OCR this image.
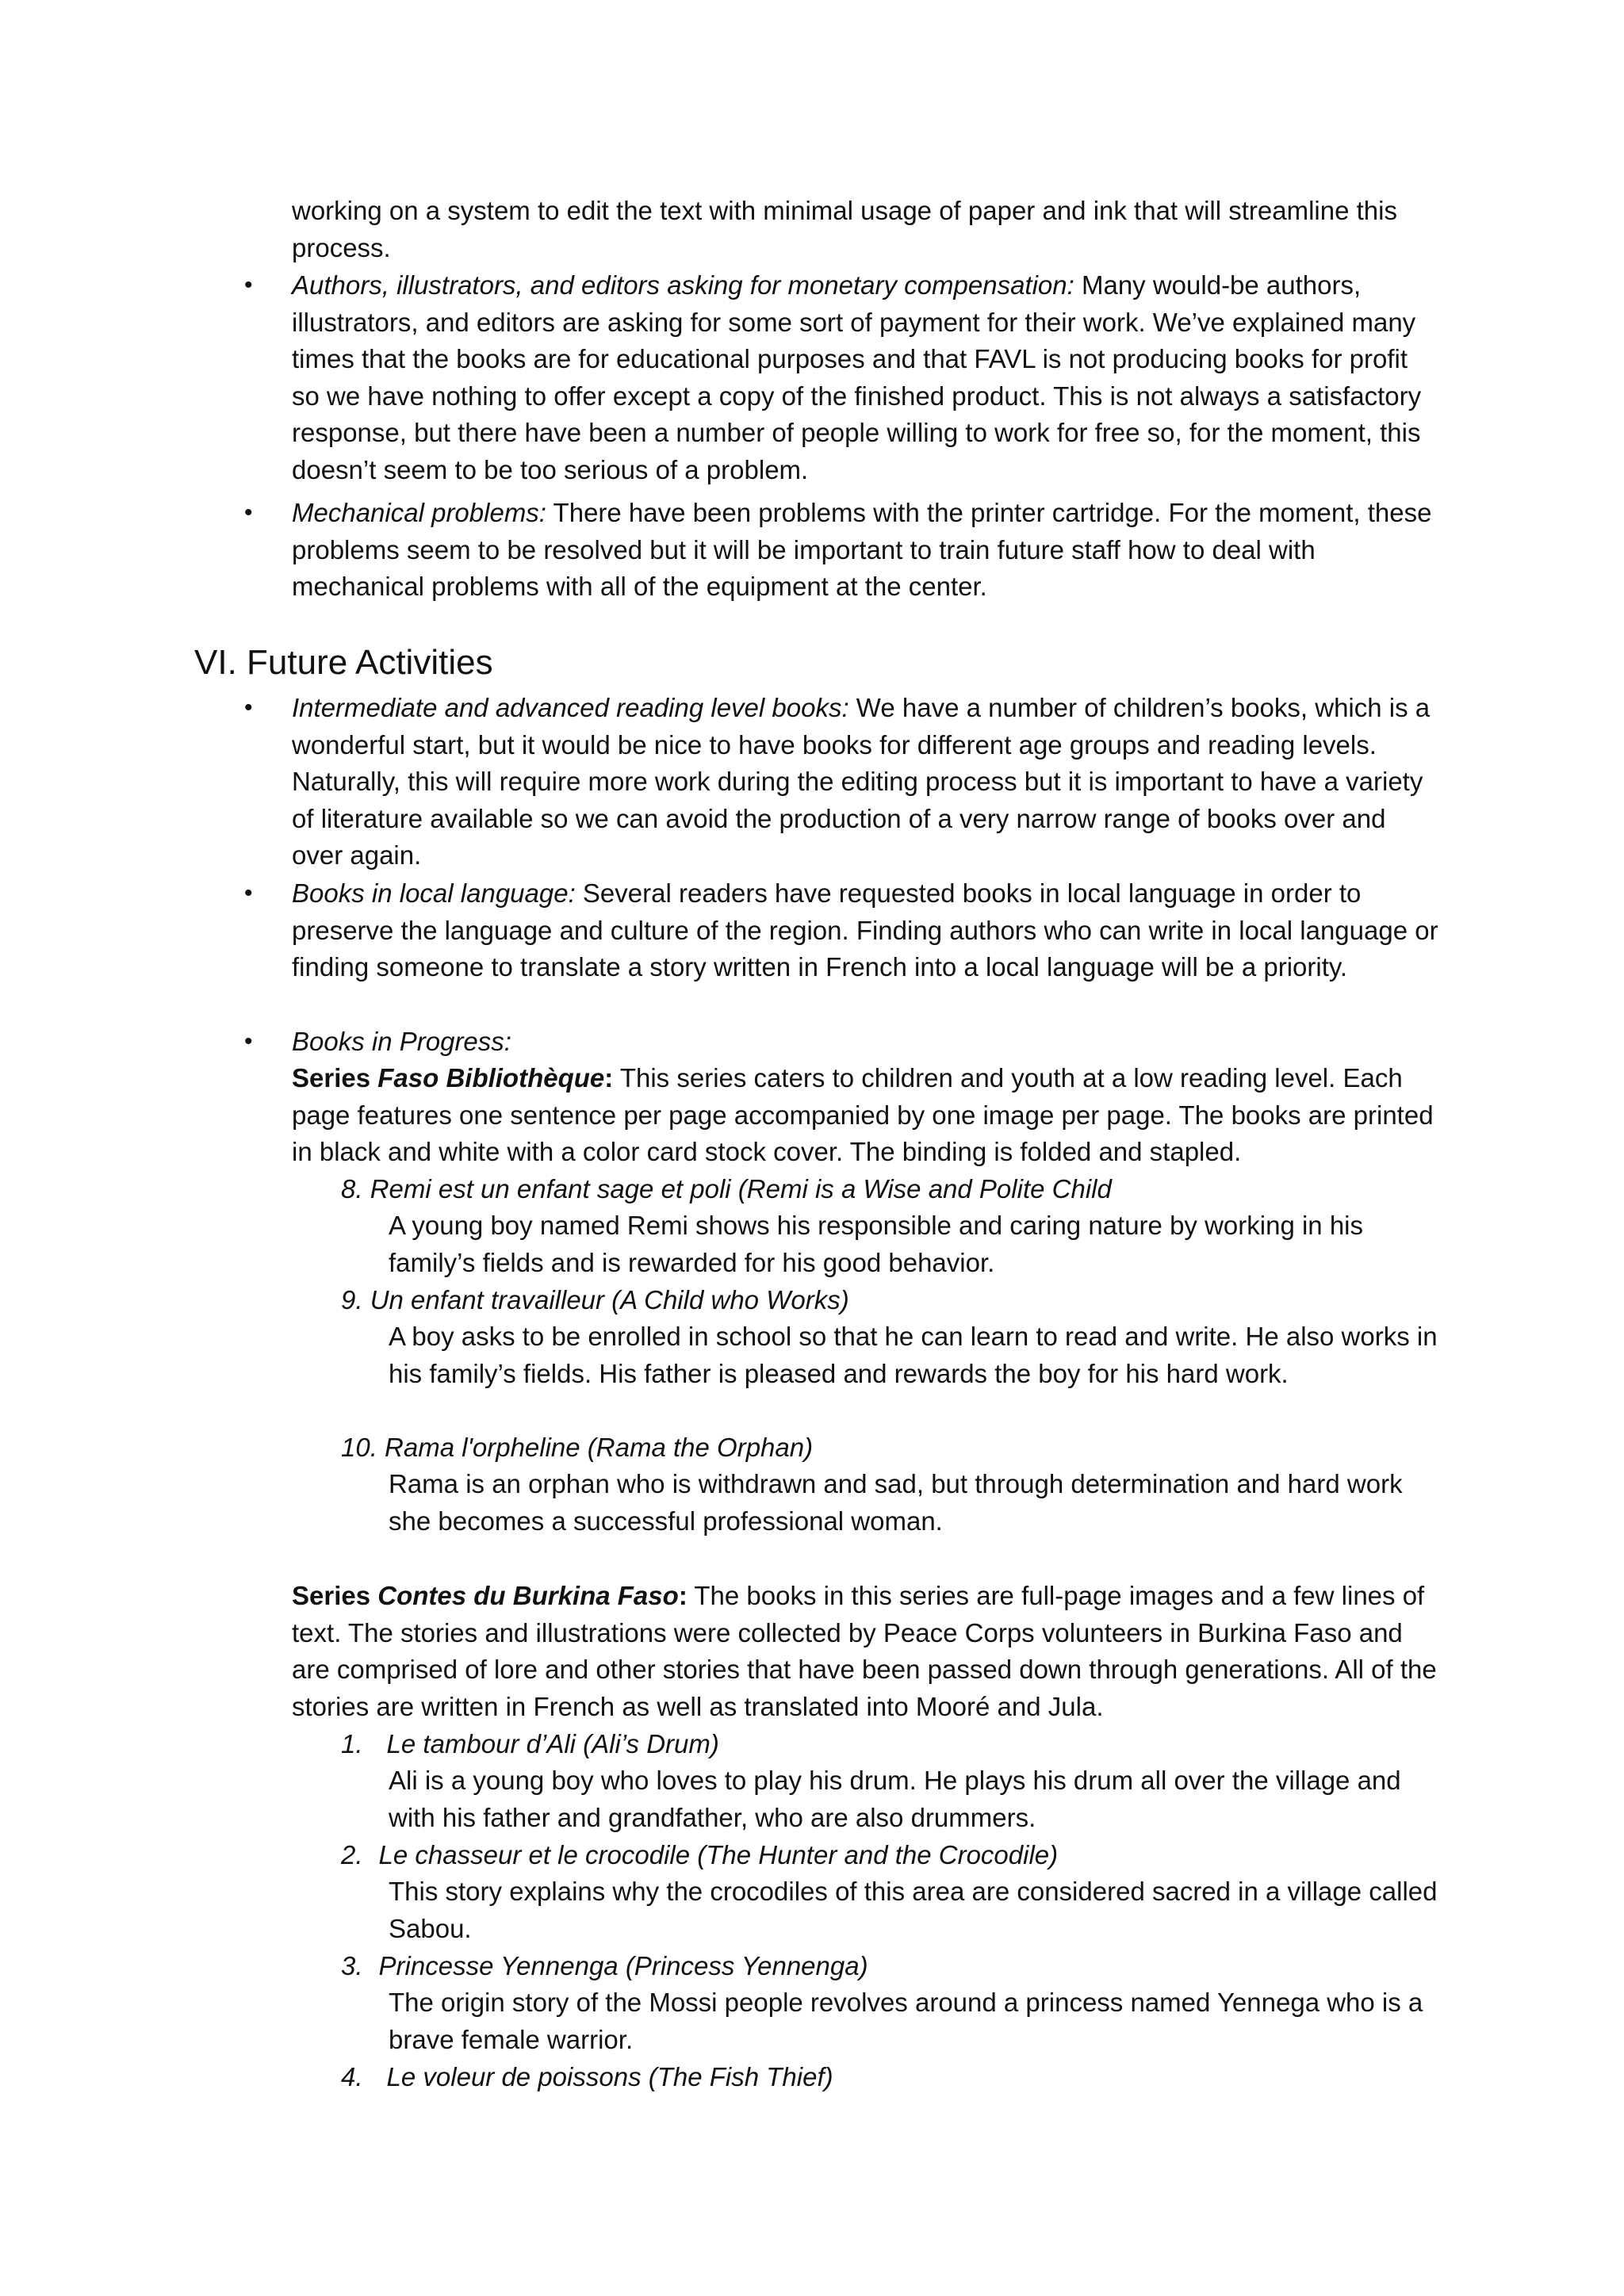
working on a system to edit the text with minimal usage of paper and ink that will streamline this process.
• Authors, illustrators, and editors asking for monetary compensation: Many would-be authors, illustrators, and editors are asking for some sort of payment for their work. We’ve explained many times that the books are for educational purposes and that FAVL is not producing books for profit so we have nothing to offer except a copy of the finished product. This is not always a satisfactory response, but there have been a number of people willing to work for free so, for the moment, this doesn’t seem to be too serious of a problem.
• Mechanical problems: There have been problems with the printer cartridge. For the moment, these problems seem to be resolved but it will be important to train future staff how to deal with mechanical problems with all of the equipment at the center.
VI. Future Activities
• Intermediate and advanced reading level books: We have a number of children’s books, which is a wonderful start, but it would be nice to have books for different age groups and reading levels. Naturally, this will require more work during the editing process but it is important to have a variety of literature available so we can avoid the production of a very narrow range of books over and over again.
• Books in local language: Several readers have requested books in local language in order to preserve the language and culture of the region. Finding authors who can write in local language or finding someone to translate a story written in French into a local language will be a priority.
• Books in Progress:
Series Faso Bibliothèque: This series caters to children and youth at a low reading level. Each page features one sentence per page accompanied by one image per page. The books are printed in black and white with a color card stock cover. The binding is folded and stapled.
8. Remi est un enfant sage et poli (Remi is a Wise and Polite Child
A young boy named Remi shows his responsible and caring nature by working in his family’s fields and is rewarded for his good behavior.
9. Un enfant travailleur (A Child who Works)
A boy asks to be enrolled in school so that he can learn to read and write. He also works in his family’s fields. His father is pleased and rewards the boy for his hard work.
10. Rama l'orpheline (Rama the Orphan)
Rama is an orphan who is withdrawn and sad, but through determination and hard work she becomes a successful professional woman.
Series Contes du Burkina Faso: The books in this series are full-page images and a few lines of text. The stories and illustrations were collected by Peace Corps volunteers in Burkina Faso and are comprised of lore and other stories that have been passed down through generations. All of the stories are written in French as well as translated into Mooré and Jula.
1. Le tambour d’Ali (Ali’s Drum)
Ali is a young boy who loves to play his drum. He plays his drum all over the village and with his father and grandfather, who are also drummers.
2. Le chasseur et le crocodile (The Hunter and the Crocodile)
This story explains why the crocodiles of this area are considered sacred in a village called Sabou.
3. Princesse Yennenga (Princess Yennenga)
The origin story of the Mossi people revolves around a princess named Yennega who is a brave female warrior.
4. Le voleur de poissons (The Fish Thief)
